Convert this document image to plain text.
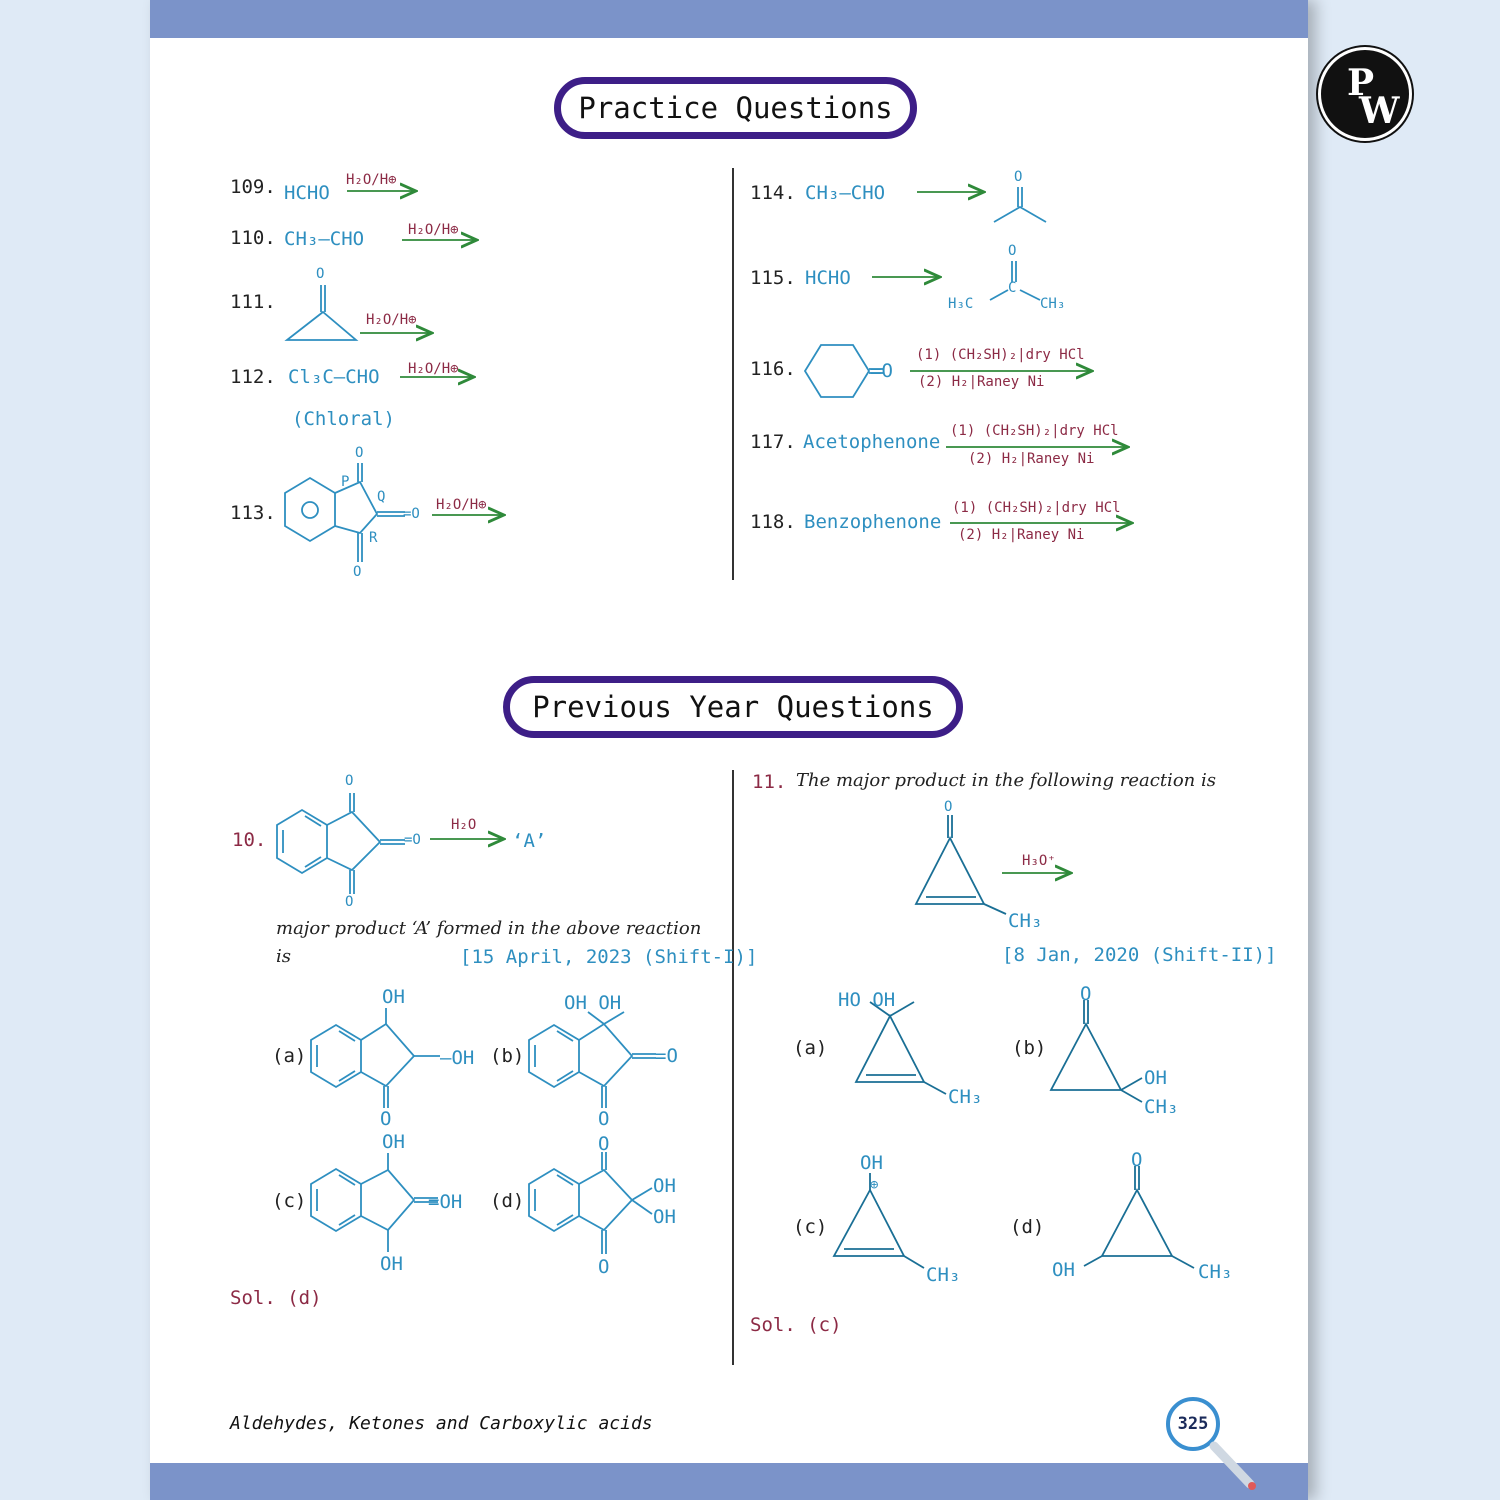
P
W
Practice Questions
Previous Year Questions
109. HCHO
H₂O/H⊕
110. CH₃—CHO	H₂O/H⊕
111.
O
H₂O/H⊕
112. Cl₃C—CHO H₂O/H⊕
(Chloral)
113.
O
P
Q
=O
R
O
H₂O/H⊕
114. CH₃—CHO
O
115. HCHO
O
C
H₃C	CH₃
116.	=O
(1) (CH₂SH)₂|dry HCl
(2) H₂|Raney Ni
117. Acetophenone (1) (CH₂SH)₂|dry HCl
(2) H₂|Raney Ni
118. Benzophenone
(1) (CH₂SH)₂|dry HCl
(2) H₂|Raney Ni
10.
O
=O
O
H₂O
‘A’
major product ‘A’ formed in the above reaction
is	[15 April, 2023 (Shift-I)]
(a)
OH
—OH
O
(b)
OH OH
=O
O
(c)
OH
=OH
OH
(d)
O
OH
OH
O
Sol. (d)
11. The major product in the following reaction is
O
H₃O⁺
CH₃
[8 Jan, 2020 (Shift-II)]
(a)
HO OH
CH₃
(b)
O
OH
CH₃
(c)
OH
⊕
CH₃
(d)
O
OH	CH₃
Sol. (c)
Aldehydes, Ketones and Carboxylic acids	325
